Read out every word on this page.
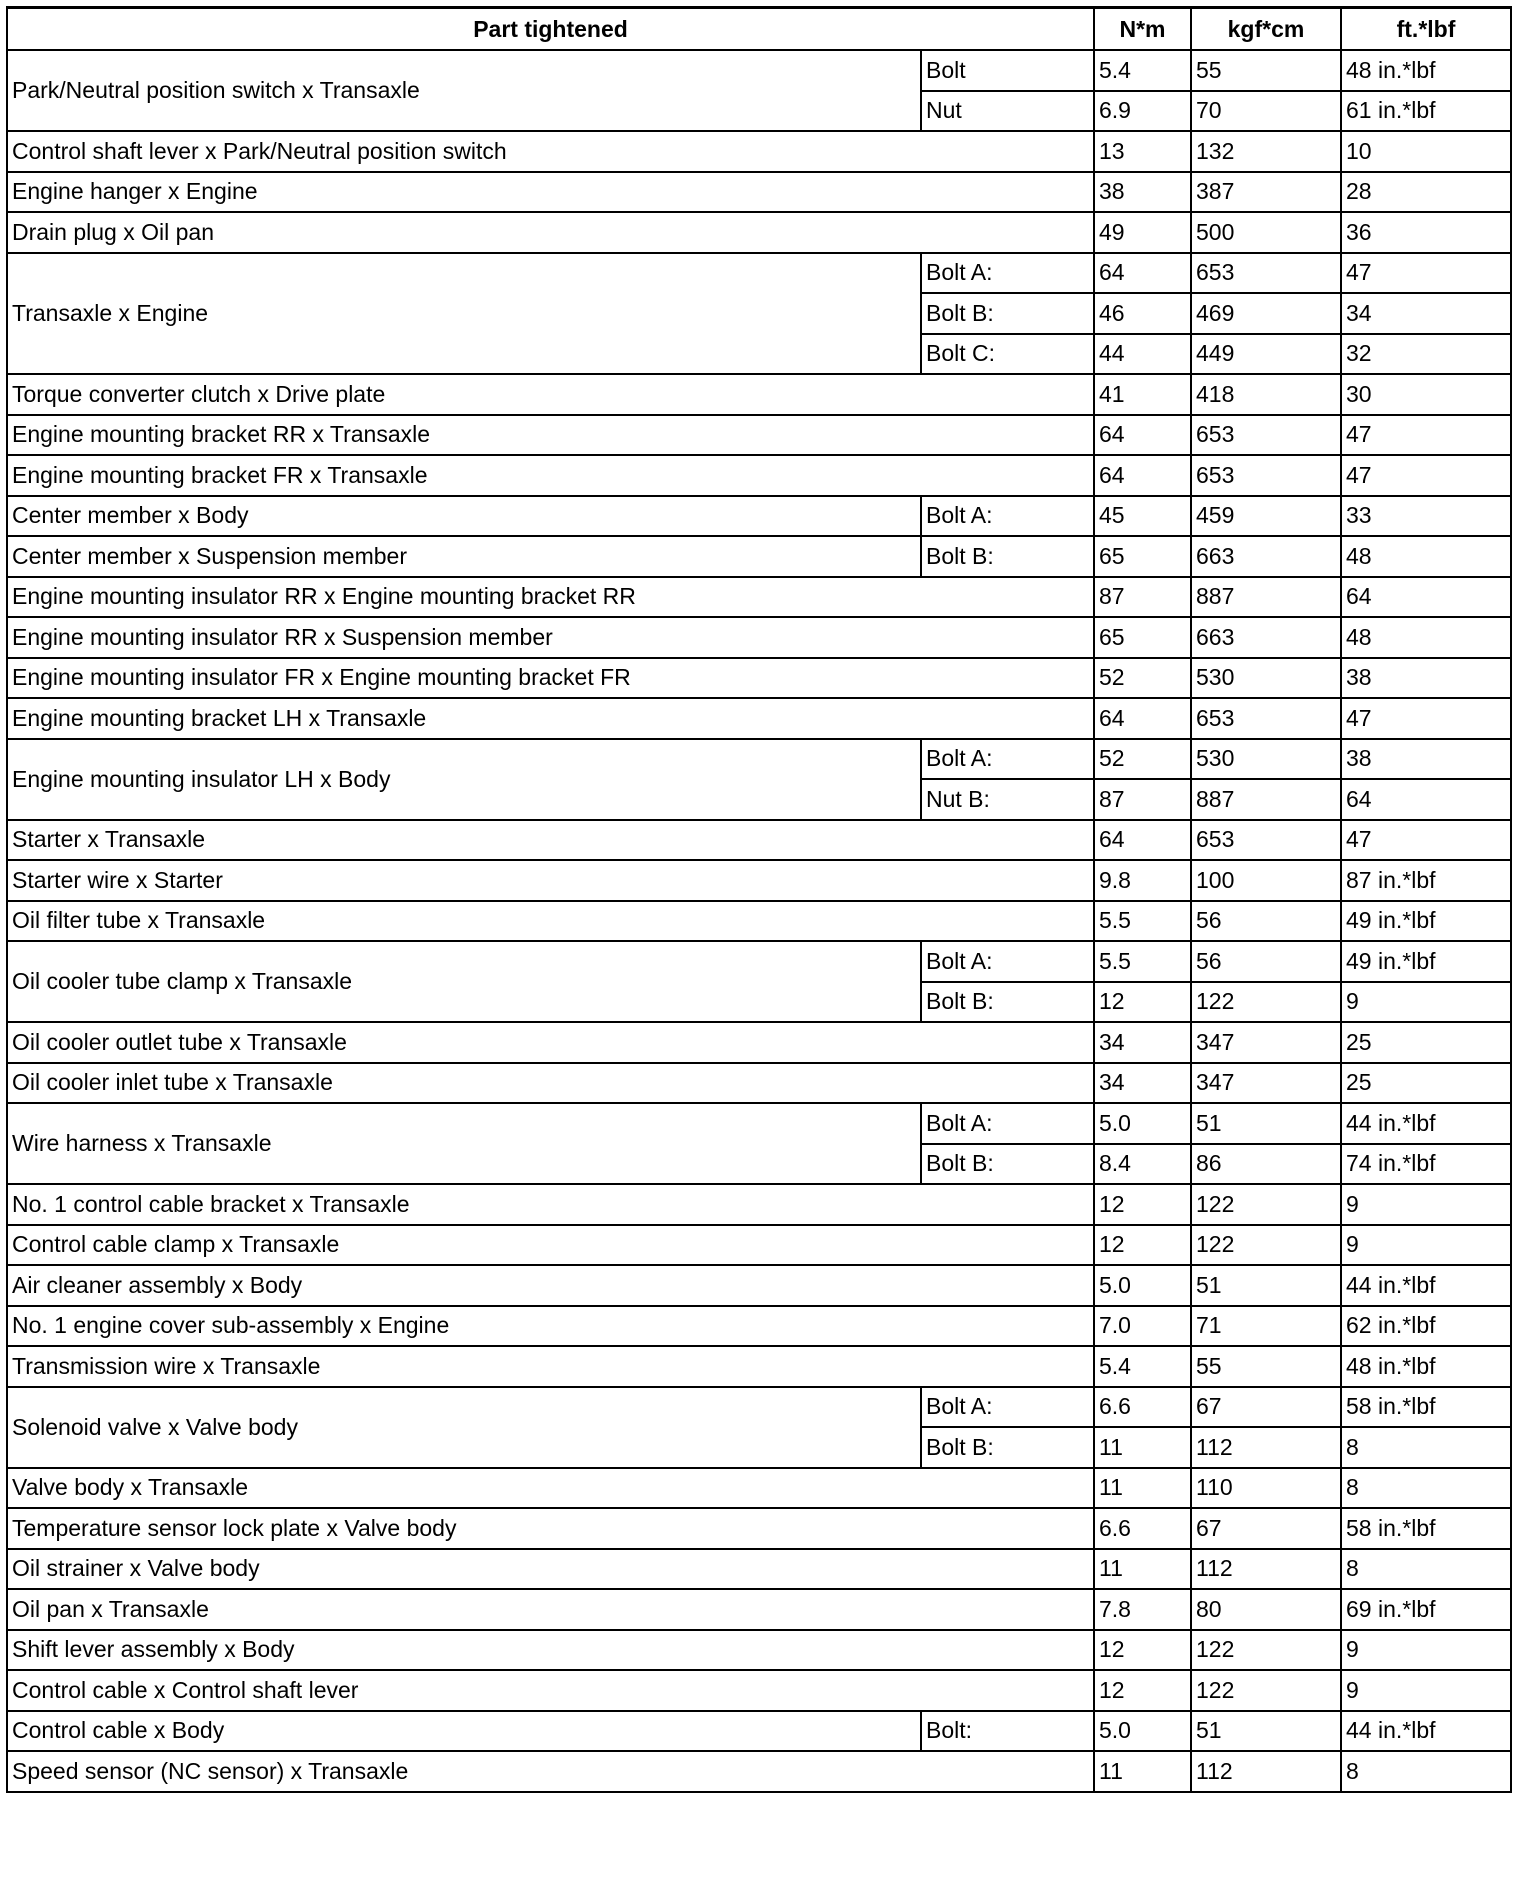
Part tightened		N*m	kgf*cm	ft.*lbf
Park/Neutral position switch x Transaxle	Bolt	5.4	55	48 in.*lbf
	Nut	6.9	70	61 in.*lbf
Control shaft lever x Park/Neutral position switch		13	132	10
Engine hanger x Engine		38	387	28
Drain plug x Oil pan		49	500	36
Transaxle x Engine	Bolt A:	64	653	47
	Bolt B:	46	469	34
	Bolt C:	44	449	32
Torque converter clutch x Drive plate		41	418	30
Engine mounting bracket RR x Transaxle		64	653	47
Engine mounting bracket FR x Transaxle		64	653	47
Center member x Body	Bolt A:	45	459	33
Center member x Suspension member	Bolt B:	65	663	48
Engine mounting insulator RR x Engine mounting bracket RR		87	887	64
Engine mounting insulator RR x Suspension member		65	663	48
Engine mounting insulator FR x Engine mounting bracket FR		52	530	38
Engine mounting bracket LH x Transaxle		64	653	47
Engine mounting insulator LH x Body	Bolt A:	52	530	38
	Nut B:	87	887	64
Starter x Transaxle		64	653	47
Starter wire x Starter		9.8	100	87 in.*lbf
Oil filter tube x Transaxle		5.5	56	49 in.*lbf
Oil cooler tube clamp x Transaxle	Bolt A:	5.5	56	49 in.*lbf
	Bolt B:	12	122	9
Oil cooler outlet tube x Transaxle		34	347	25
Oil cooler inlet tube x Transaxle		34	347	25
Wire harness x Transaxle	Bolt A:	5.0	51	44 in.*lbf
	Bolt B:	8.4	86	74 in.*lbf
No. 1 control cable bracket x Transaxle		12	122	9
Control cable clamp x Transaxle		12	122	9
Air cleaner assembly x Body		5.0	51	44 in.*lbf
No. 1 engine cover sub-assembly x Engine		7.0	71	62 in.*lbf
Transmission wire x Transaxle		5.4	55	48 in.*lbf
Solenoid valve x Valve body	Bolt A:	6.6	67	58 in.*lbf
	Bolt B:	11	112	8
Valve body x Transaxle		11	110	8
Temperature sensor lock plate x Valve body		6.6	67	58 in.*lbf
Oil strainer x Valve body		11	112	8
Oil pan x Transaxle		7.8	80	69 in.*lbf
Shift lever assembly x Body		12	122	9
Control cable x Control shaft lever		12	122	9
Control cable x Body	Bolt:	5.0	51	44 in.*lbf
Speed sensor (NC sensor) x Transaxle		11	112	8
